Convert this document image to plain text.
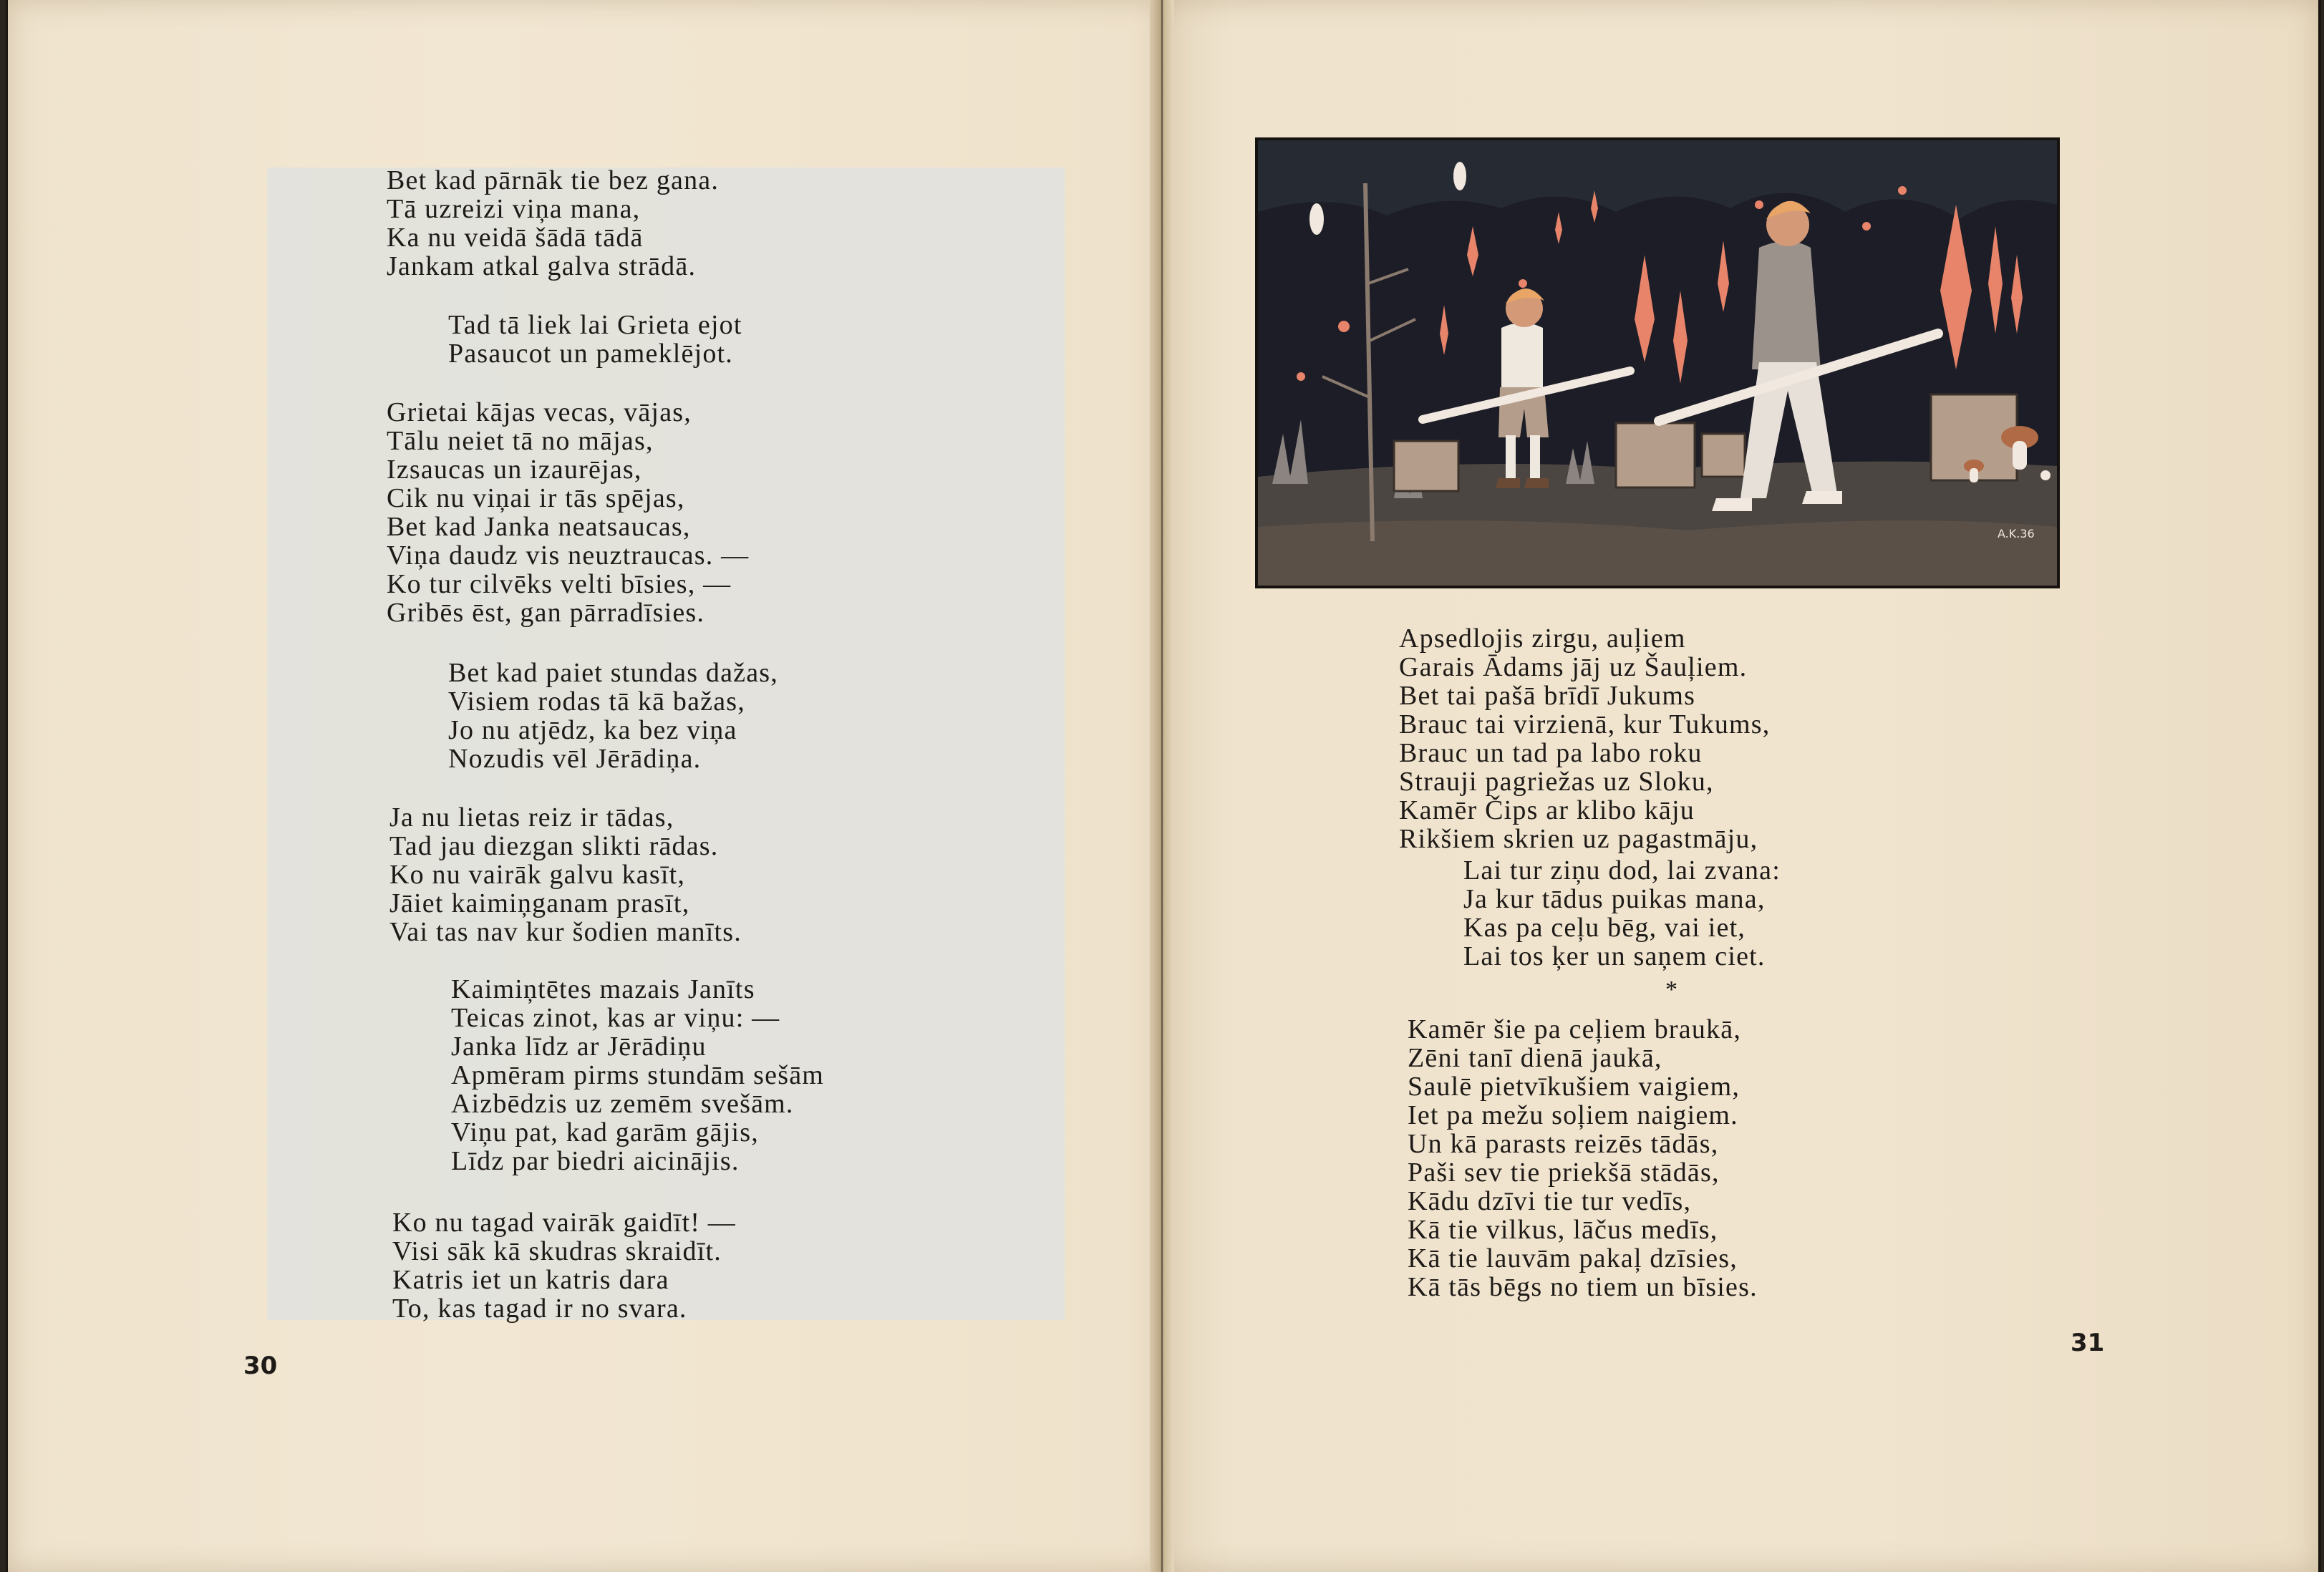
Bet kad pārnāk tie bez gana.
Tā uzreizi viņa mana,
Ka nu veidā šādā tādā
Jankam atkal galva strādā.
Tad tā liek lai Grieta ejot
Pasaucot un pameklējot.
Grietai kājas vecas, vājas,
Tālu neiet tā no mājas,
Izsaucas un izaurējas,
Cik nu viņai ir tās spējas,
Bet kad Janka neatsaucas,
Viņa daudz vis neuztraucas. —
Ko tur cilvēks velti bīsies, —
Gribēs ēst, gan pārradīsies.
Bet kad paiet stundas dažas,
Visiem rodas tā kā bažas,
Jo nu atjēdz, ka bez viņa
Nozudis vēl Jērādiņa.
Ja nu lietas reiz ir tādas,
Tad jau diezgan slikti rādas.
Ko nu vairāk galvu kasīt,
Jāiet kaimiņganam prasīt,
Vai tas nav kur šodien manīts.
Kaimiņtētes mazais Janīts
Teicas zinot, kas ar viņu: —
Janka līdz ar Jērādiņu
Apmēram pirms stundām sešām
Aizbēdzis uz zemēm svešām.
Viņu pat, kad garām gājis,
Līdz par biedri aicinājis.
Ko nu tagad vairāk gaidīt! —
Visi sāk kā skudras skraidīt.
Katris iet un katris dara
To, kas tagad ir no svara.
30
A.K.36
Apsedlojis zirgu, auļiem
Garais Ādams jāj uz Šauļiem.
Bet tai pašā brīdī Jukums
Brauc tai virzienā, kur Tukums,
Brauc un tad pa labo roku
Strauji pagriežas uz Sloku,
Kamēr Čips ar klibo kāju
Rikšiem skrien uz pagastmāju,
Lai tur ziņu dod, lai zvana:
Ja kur tādus puikas mana,
Kas pa ceļu bēg, vai iet,
Lai tos ķer un saņem ciet.
*
Kamēr šie pa ceļiem braukā,
Zēni tanī dienā jaukā,
Saulē pietvīkušiem vaigiem,
Iet pa mežu soļiem naigiem.
Un kā parasts reizēs tādās,
Paši sev tie priekšā stādās,
Kādu dzīvi tie tur vedīs,
Kā tie vilkus, lāčus medīs,
Kā tie lauvām pakaļ dzīsies,
Kā tās bēgs no tiem un bīsies.
31
